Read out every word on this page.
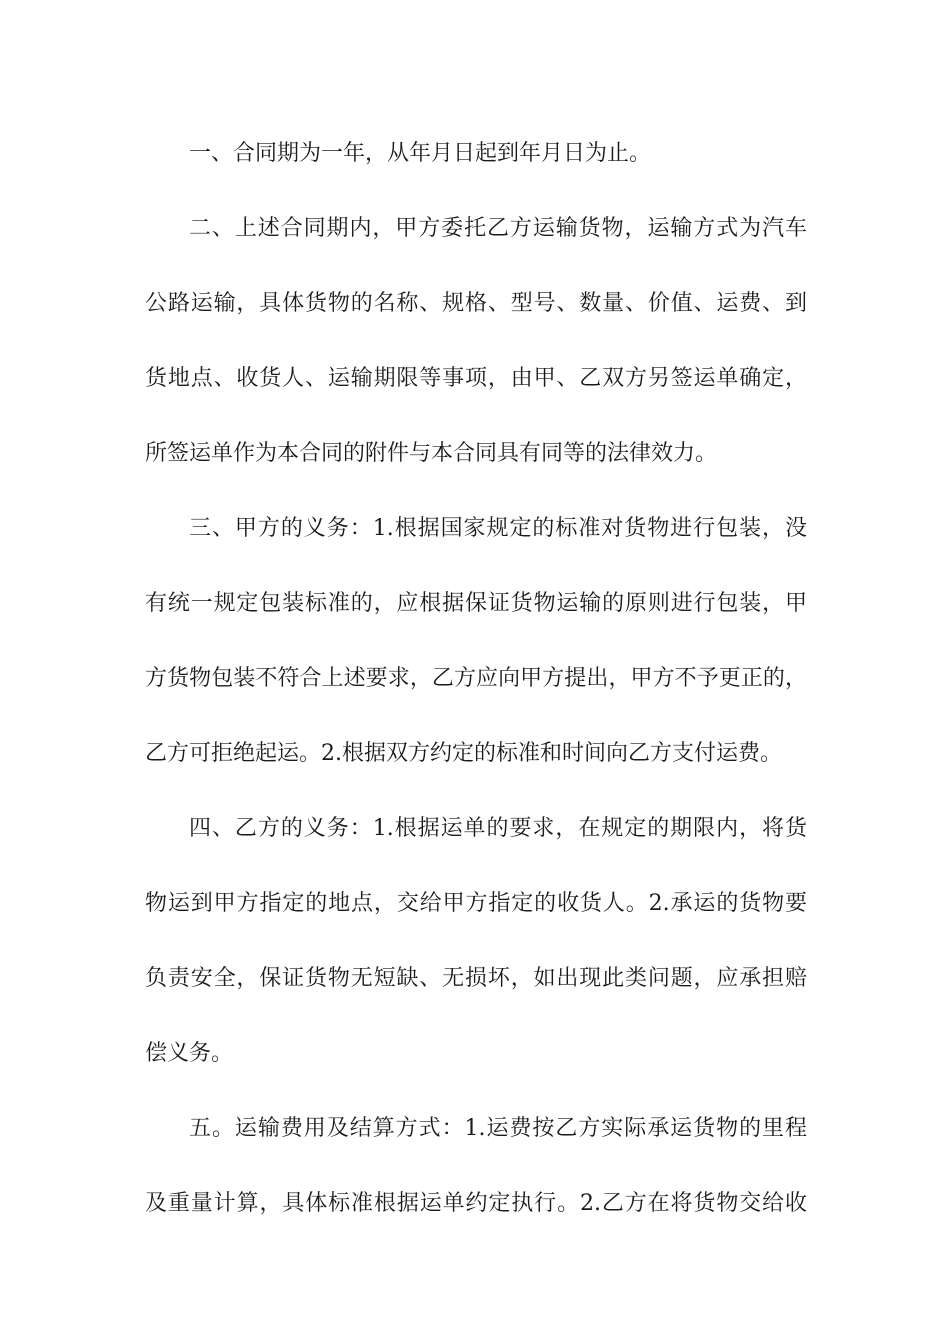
一、合同期为一年，从年月日起到年月日为止。
二、上述合同期内，甲方委托乙方运输货物，运输方式为汽车
公路运输，具体货物的名称、规格、型号、数量、价值、运费、到
货地点、收货人、运输期限等事项，由甲、乙双方另签运单确定，
所签运单作为本合同的附件与本合同具有同等的法律效力。
三、甲方的义务：1.根据国家规定的标准对货物进行包装，没
有统一规定包装标准的，应根据保证货物运输的原则进行包装，甲
方货物包装不符合上述要求，乙方应向甲方提出，甲方不予更正的，
乙方可拒绝起运。2.根据双方约定的标准和时间向乙方支付运费。
四、乙方的义务：1.根据运单的要求，在规定的期限内，将货
物运到甲方指定的地点，交给甲方指定的收货人。2.承运的货物要
负责安全，保证货物无短缺、无损坏，如出现此类问题，应承担赔
偿义务。
五。运输费用及结算方式：1.运费按乙方实际承运货物的里程
及重量计算，具体标准根据运单约定执行。2.乙方在将货物交给收
